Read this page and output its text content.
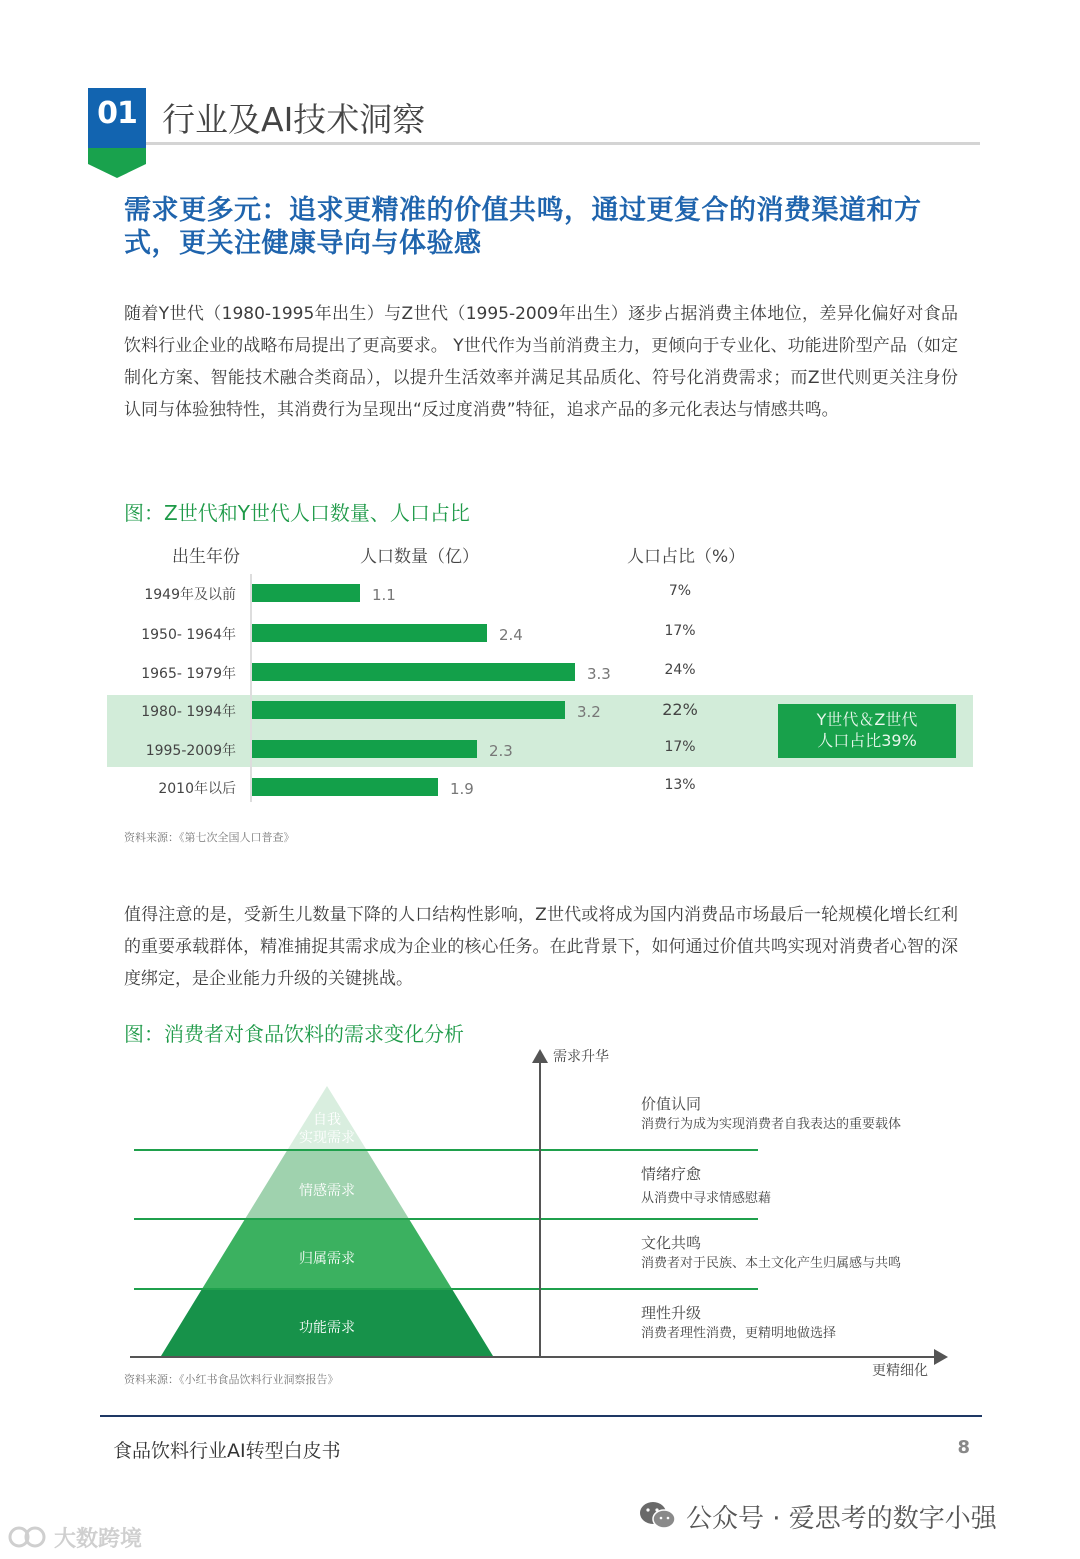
01 行业及AI技术洞察
需求更多元：追求更精准的价值共鸣，通过更复合的消费渠道和方式，更关注健康导向与体验感
随着Y世代（1980-1995年出生）与Z世代（1995-2009年出生）逐步占据消费主体地位，差异化偏好对食品饮料行业企业的战略布局提出了更高要求。 Y世代作为当前消费主力，更倾向于专业化、功能进阶型产品（如定制化方案、智能技术融合类商品），以提升生活效率并满足其品质化、符号化消费需求；而Z世代则更关注身份认同与体验独特性，其消费行为呈现出“反过度消费”特征，追求产品的多元化表达与情感共鸣。
图：Z世代和Y世代人口数量、人口占比
出生年份	人口数量（亿）	人口占比（%）
1949年及以前	1.1	7%
1950- 1964年	2.4	17%
1965- 1979年	3.3	24%
1980- 1994年	3.2	22%
1995-2009年	2.3	17%
2010年以后	1.9	13%
Y世代＆Z世代
人口占比39%
资料来源：《第七次全国人口普查》
值得注意的是，受新生儿数量下降的人口结构性影响，Z世代或将成为国内消费品市场最后一轮规模化增长红利的重要承载群体，精准捕捉其需求成为企业的核心任务。在此背景下，如何通过价值共鸣实现对消费者心智的深度绑定，是企业能力升级的关键挑战。
图：消费者对食品饮料的需求变化分析
自我
实现需求
情感需求
归属需求
功能需求
需求升华
更精细化
价值认同
消费行为成为实现消费者自我表达的重要载体
情绪疗愈
从消费中寻求情感慰藉
文化共鸣
消费者对于民族、本土文化产生归属感与共鸣
理性升级
消费者理性消费，更精明地做选择
资料来源：《小红书食品饮料行业洞察报告》
食品饮料行业AI转型白皮书	8
公众号 · 爱思考的数字小强
大数跨境
